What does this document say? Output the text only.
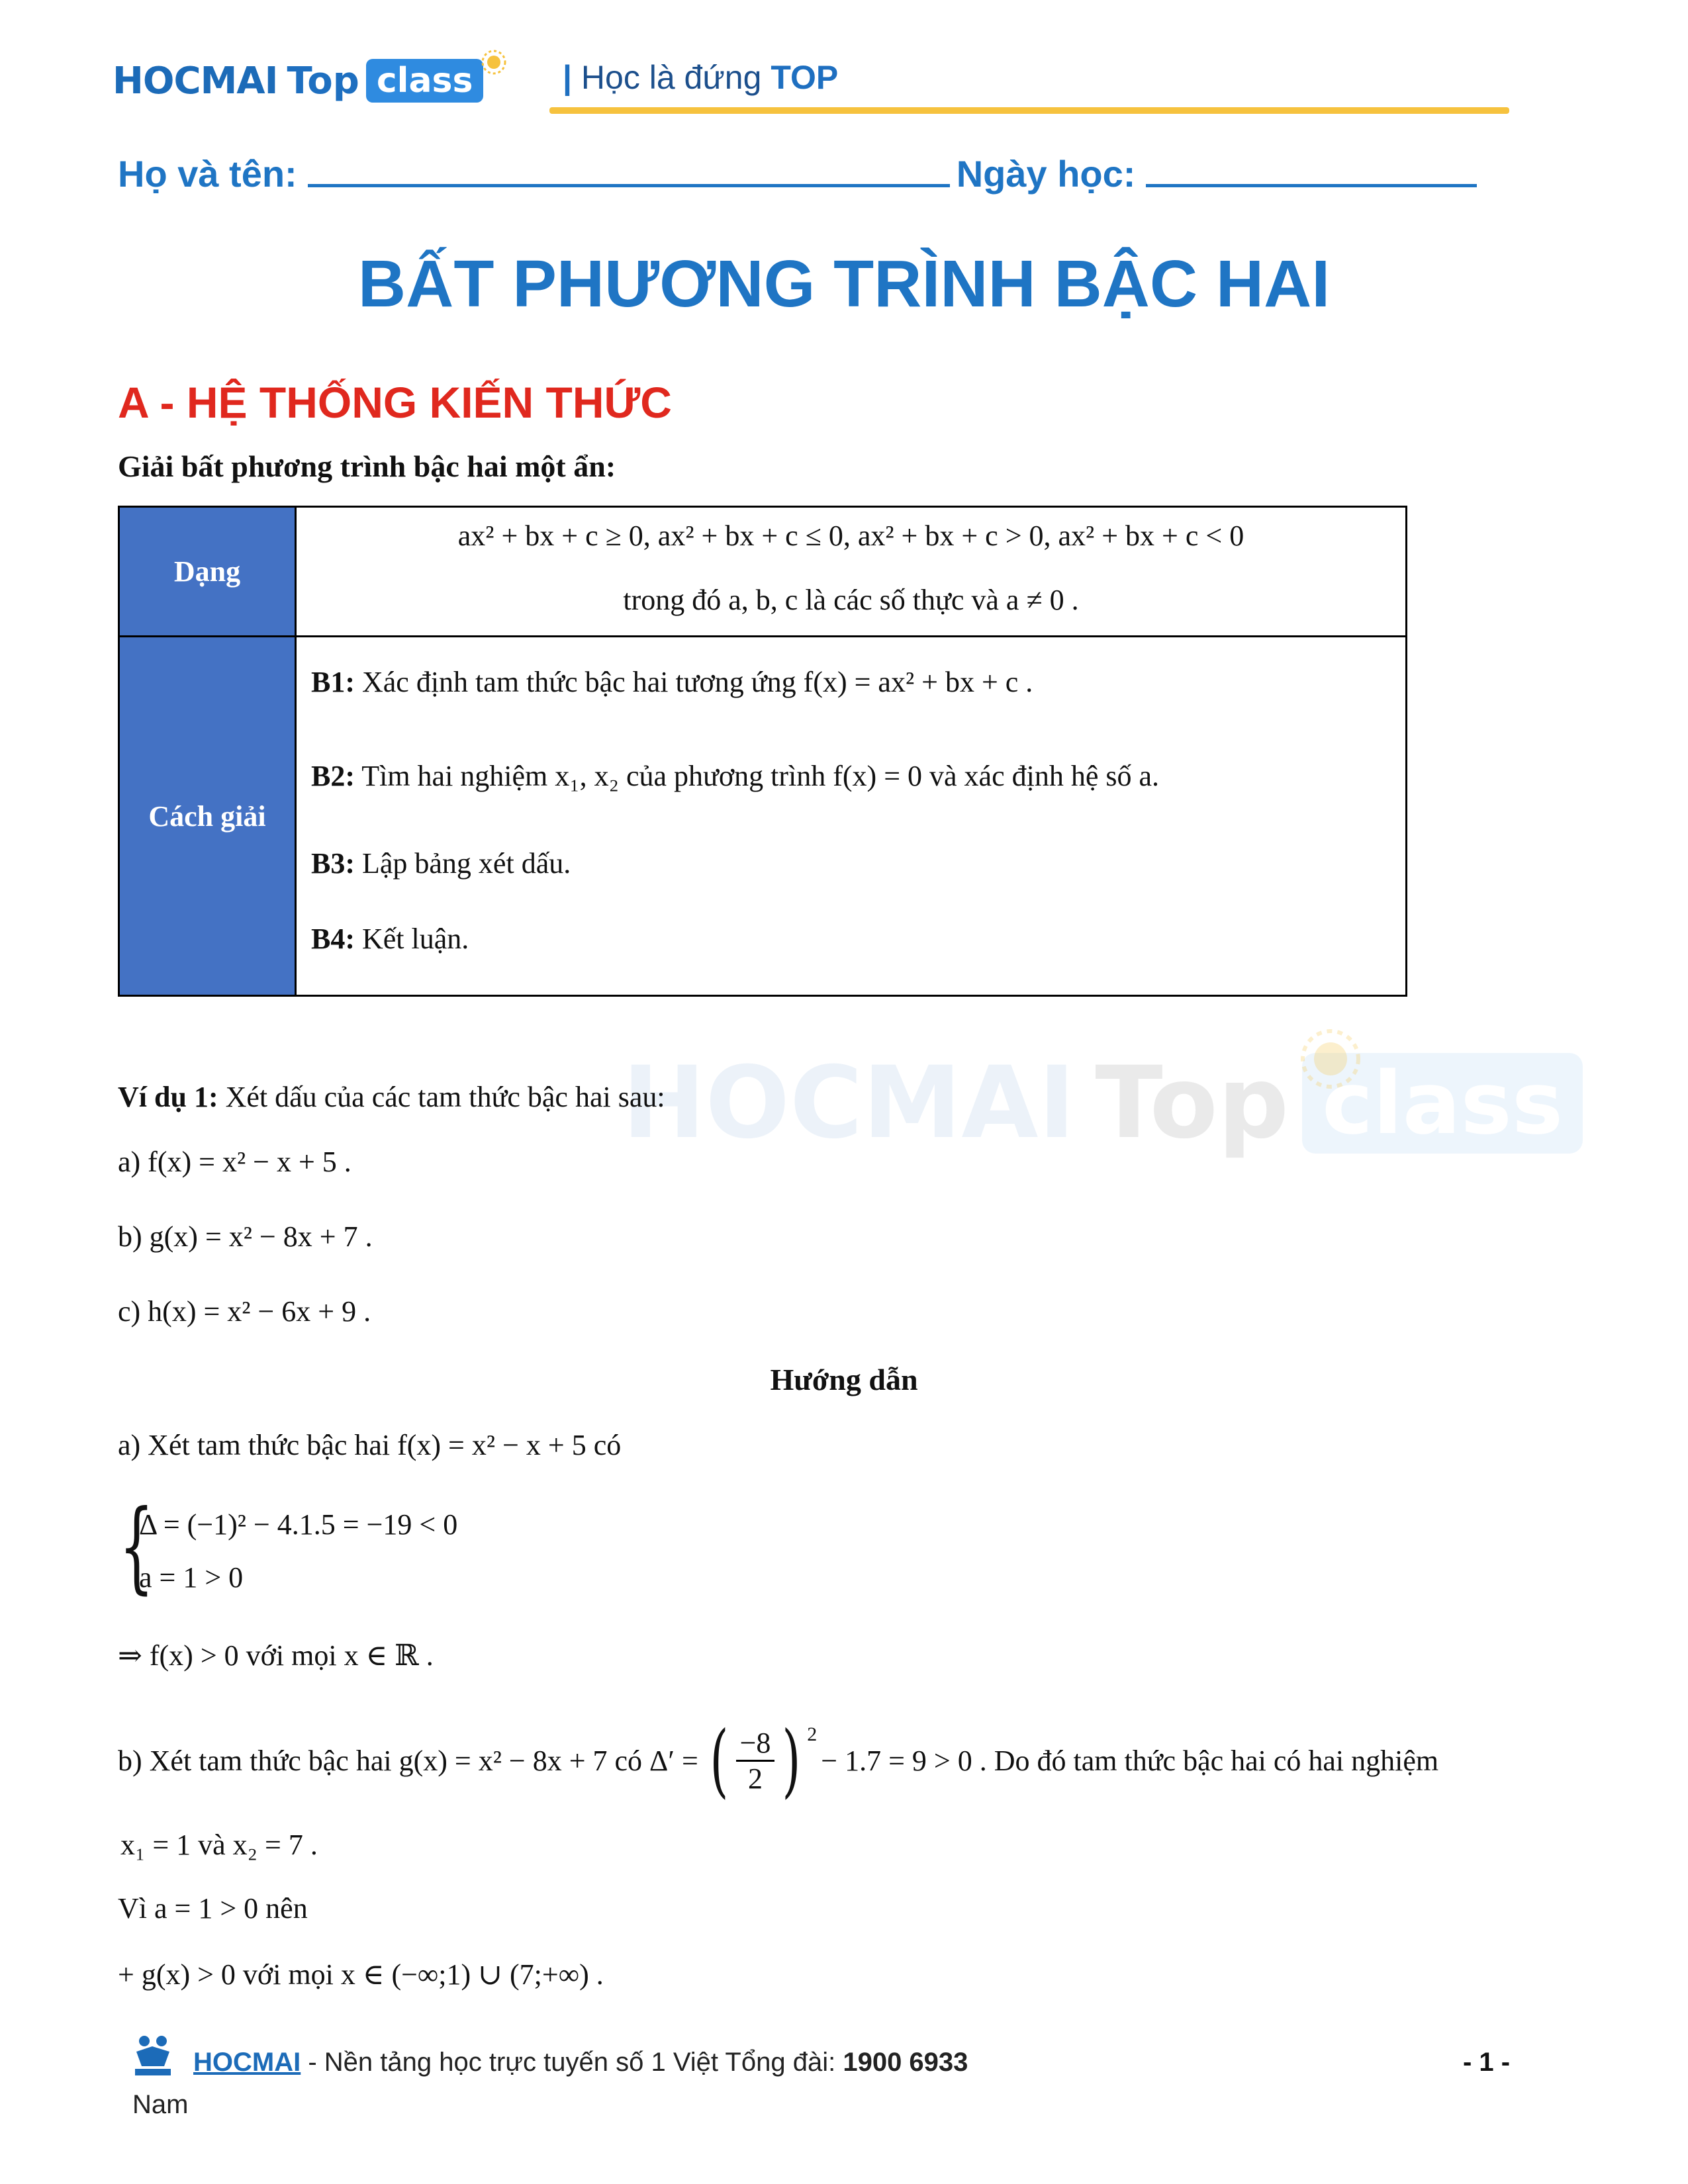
HOCMAI Top class	| Học là đứng TOP
Họ và tên:	Ngày học:
BẤT PHƯƠNG TRÌNH BẬC HAI
A - HỆ THỐNG KIẾN THỨC
Giải bất phương trình bậc hai một ẩn:
Dạng
ax² + bx + c ≥ 0, ax² + bx + c ≤ 0, ax² + bx + c > 0, ax² + bx + c < 0
trong đó a, b, c là các số thực và a ≠ 0 .
Cách giải
B1: Xác định tam thức bậc hai tương ứng f(x) = ax² + bx + c .
B2: Tìm hai nghiệm x₁, x₂ của phương trình f(x) = 0 và xác định hệ số a.
B3: Lập bảng xét dấu.
B4: Kết luận.
HOCMAI Top class
Ví dụ 1: Xét dấu của các tam thức bậc hai sau:
a) f(x) = x² − x + 5 .
b) g(x) = x² − 8x + 7 .
c) h(x) = x² − 6x + 9 .
Hướng dẫn
a) Xét tam thức bậc hai f(x) = x² − x + 5 có
{
Δ = (−1)² − 4.1.5 = −19 < 0
a = 1 > 0
⇒ f(x) > 0 với mọi x ∈ ℝ .
b) Xét tam thức bậc hai g(x) = x² − 8x + 7 có Δ′ = ( $\frac{-8}{2}$ ) 2
− 1.7 = 9 > 0 . Do đó tam thức bậc hai có hai nghiệm
x₁ = 1 và x₂ = 7 .
Vì a = 1 > 0 nên
+ g(x) > 0 với mọi x ∈ (−∞;1) ∪ (7;+∞) .
HOCMAI - Nền tảng học trực tuyến số 1 Việt Tổng đài: 1900 6933	- 1 -
Nam
